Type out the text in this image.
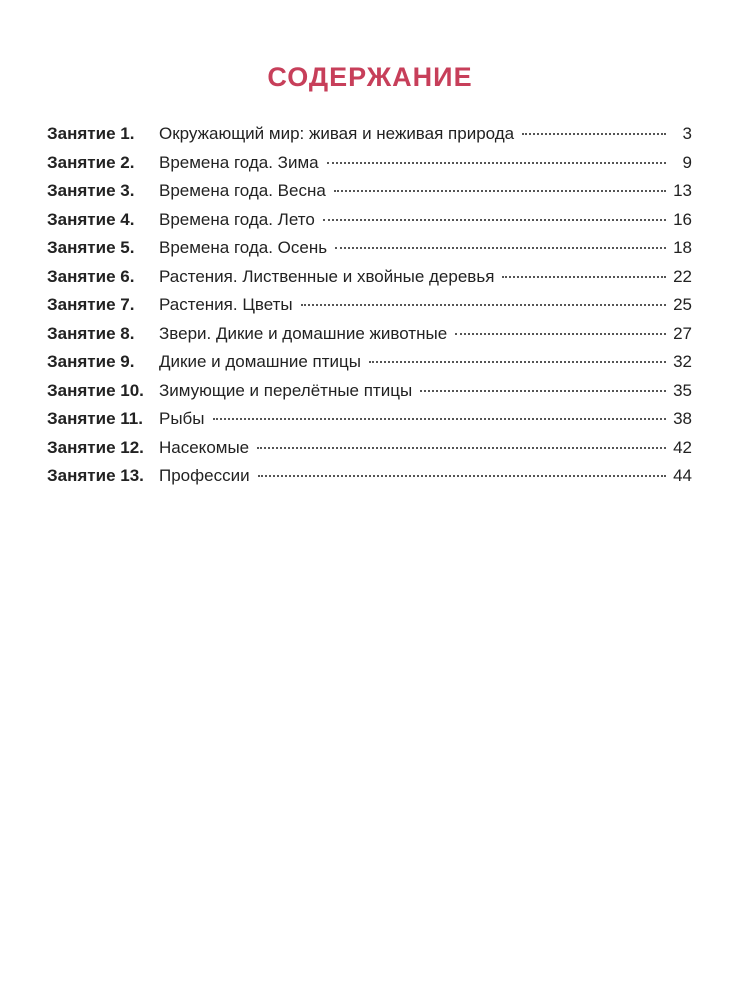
СОДЕРЖАНИЕ
Занятие 1.	Окружающий мир: живая и неживая природа	3
Занятие 2.	Времена года. Зима	9
Занятие 3.	Времена года. Весна	13
Занятие 4.	Времена года. Лето	16
Занятие 5.	Времена года. Осень	18
Занятие 6.	Растения. Лиственные и хвойные деревья	22
Занятие 7.	Растения. Цветы	25
Занятие 8.	Звери. Дикие и домашние животные	27
Занятие 9.	Дикие и домашние птицы	32
Занятие 10. Зимующие и перелётные птицы	35
Занятие 11. Рыбы	38
Занятие 12. Насекомые	42
Занятие 13. Профессии	44
